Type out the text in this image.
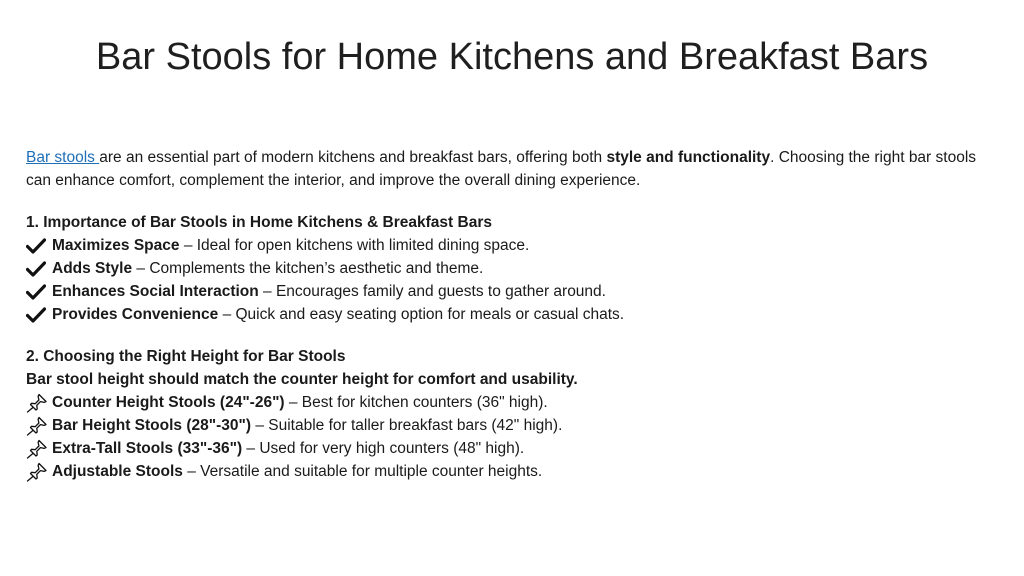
Bar Stools for Home Kitchens and Breakfast Bars

Bar stools are an essential part of modern kitchens and breakfast bars, offering both style and functionality. Choosing the right bar stools can enhance comfort, complement the interior, and improve the overall dining experience.

1. Importance of Bar Stools in Home Kitchens & Breakfast Bars
Maximizes Space – Ideal for open kitchens with limited dining space.
Adds Style – Complements the kitchen’s aesthetic and theme.
Enhances Social Interaction – Encourages family and guests to gather around.
Provides Convenience – Quick and easy seating option for meals or casual chats.
2. Choosing the Right Height for Bar Stools
Bar stool height should match the counter height for comfort and usability.
Counter Height Stools (24"-26") – Best for kitchen counters (36" high).
Bar Height Stools (28"-30") – Suitable for taller breakfast bars (42" high).
Extra-Tall Stools (33"-36") – Used for very high counters (48" high).
Adjustable Stools – Versatile and suitable for multiple counter heights.
